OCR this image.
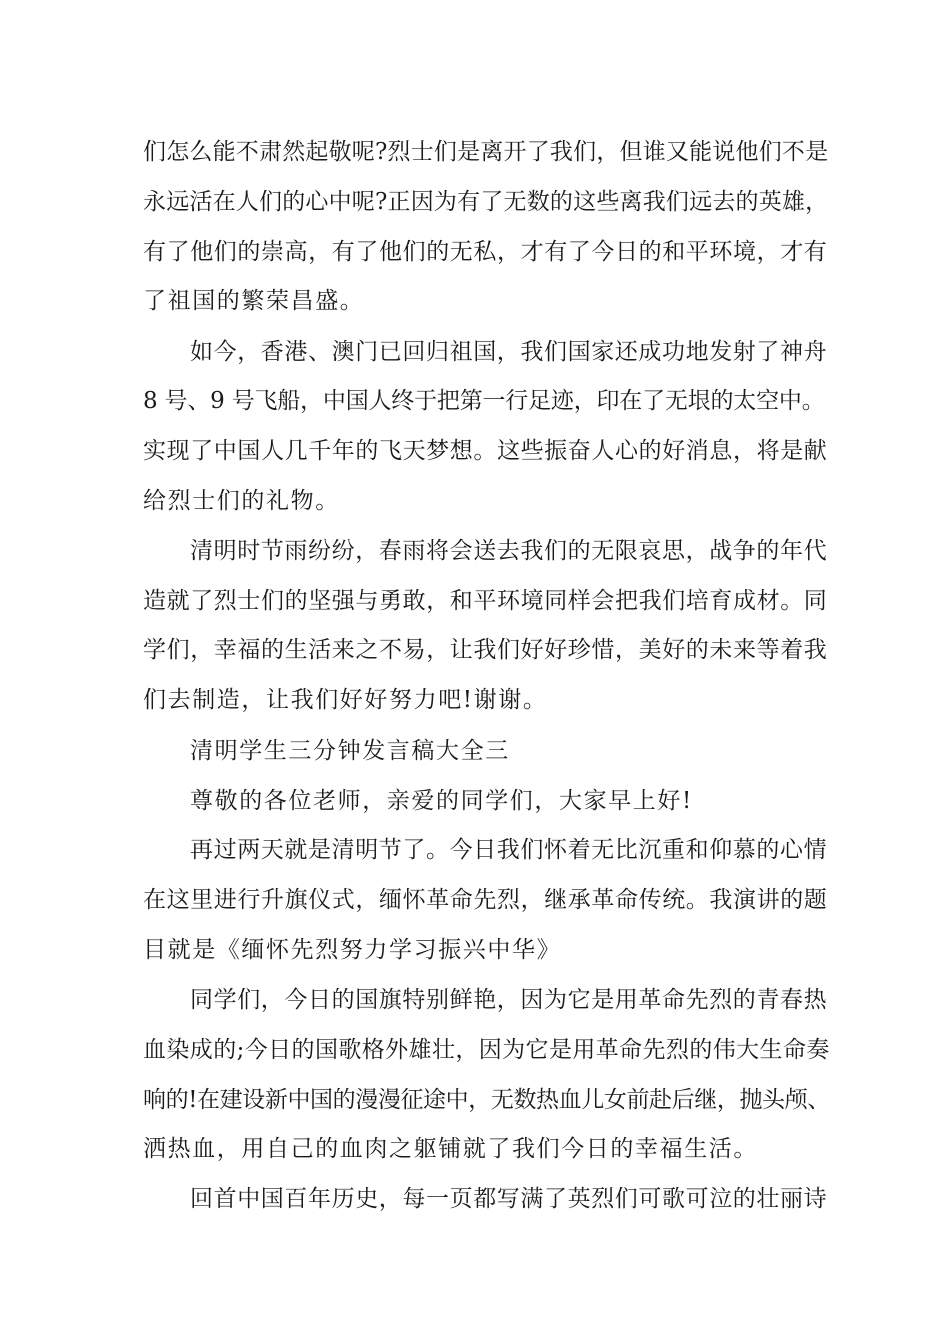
们怎么能不肃然起敬呢?烈士们是离开了我们，但谁又能说他们不是
永远活在人们的心中呢?正因为有了无数的这些离我们远去的英雄，
有了他们的崇高，有了他们的无私，才有了今日的和平环境，才有
了祖国的繁荣昌盛。
如今，香港、澳门已回归祖国，我们国家还成功地发射了神舟
8 号、9 号飞船，中国人终于把第一行足迹，印在了无垠的太空中。
实现了中国人几千年的飞天梦想。这些振奋人心的好消息，将是献
给烈士们的礼物。
清明时节雨纷纷，春雨将会送去我们的无限哀思，战争的年代
造就了烈士们的坚强与勇敢，和平环境同样会把我们培育成材。同
学们，幸福的生活来之不易，让我们好好珍惜，美好的未来等着我
们去制造，让我们好好努力吧!谢谢。
清明学生三分钟发言稿大全三
尊敬的各位老师，亲爱的同学们，大家早上好!
再过两天就是清明节了。今日我们怀着无比沉重和仰慕的心情
在这里进行升旗仪式，缅怀革命先烈，继承革命传统。我演讲的题
目就是《缅怀先烈努力学习振兴中华》
同学们，今日的国旗特别鲜艳，因为它是用革命先烈的青春热
血染成的;今日的国歌格外雄壮，因为它是用革命先烈的伟大生命奏
响的!在建设新中国的漫漫征途中，无数热血儿女前赴后继，抛头颅、
洒热血，用自己的血肉之躯铺就了我们今日的幸福生活。
回首中国百年历史，每一页都写满了英烈们可歌可泣的壮丽诗
